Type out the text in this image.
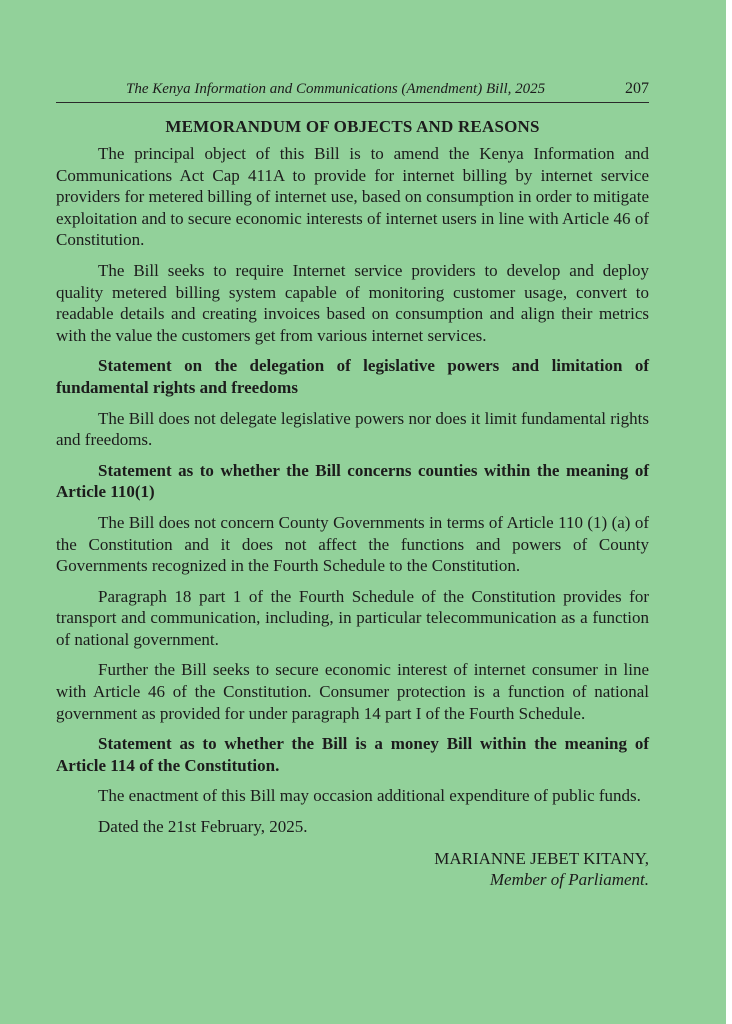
The Kenya Information and Communications (Amendment) Bill, 2025	207
MEMORANDUM OF OBJECTS AND REASONS

The principal object of this Bill is to amend the Kenya Information and Communications Act Cap 411A to provide for internet billing by internet service providers for metered billing of internet use, based on consumption in order to mitigate exploitation and to secure economic interests of internet users in line with Article 46 of Constitution.

The Bill seeks to require Internet service providers to develop and deploy quality metered billing system capable of monitoring customer usage, convert to readable details and creating invoices based on consumption and align their metrics with the value the customers get from various internet services.

Statement on the delegation of legislative powers and limitation of fundamental rights and freedoms

The Bill does not delegate legislative powers nor does it limit fundamental rights and freedoms.

Statement as to whether the Bill concerns counties within the meaning of Article 110(1)

The Bill does not concern County Governments in terms of Article 110 (1) (a) of the Constitution and it does not affect the functions and powers of County Governments recognized in the Fourth Schedule to the Constitution.

Paragraph 18 part 1 of the Fourth Schedule of the Constitution provides for transport and communication, including, in particular telecommunication as a function of national government.

Further the Bill seeks to secure economic interest of internet consumer in line with Article 46 of the Constitution. Consumer protection is a function of national government as provided for under paragraph 14 part I of the Fourth Schedule.

Statement as to whether the Bill is a money Bill within the meaning of Article 114 of the Constitution.

The enactment of this Bill may occasion additional expenditure of public funds.

Dated the 21st February, 2025.

MARIANNE JEBET KITANY,
Member of Parliament.
